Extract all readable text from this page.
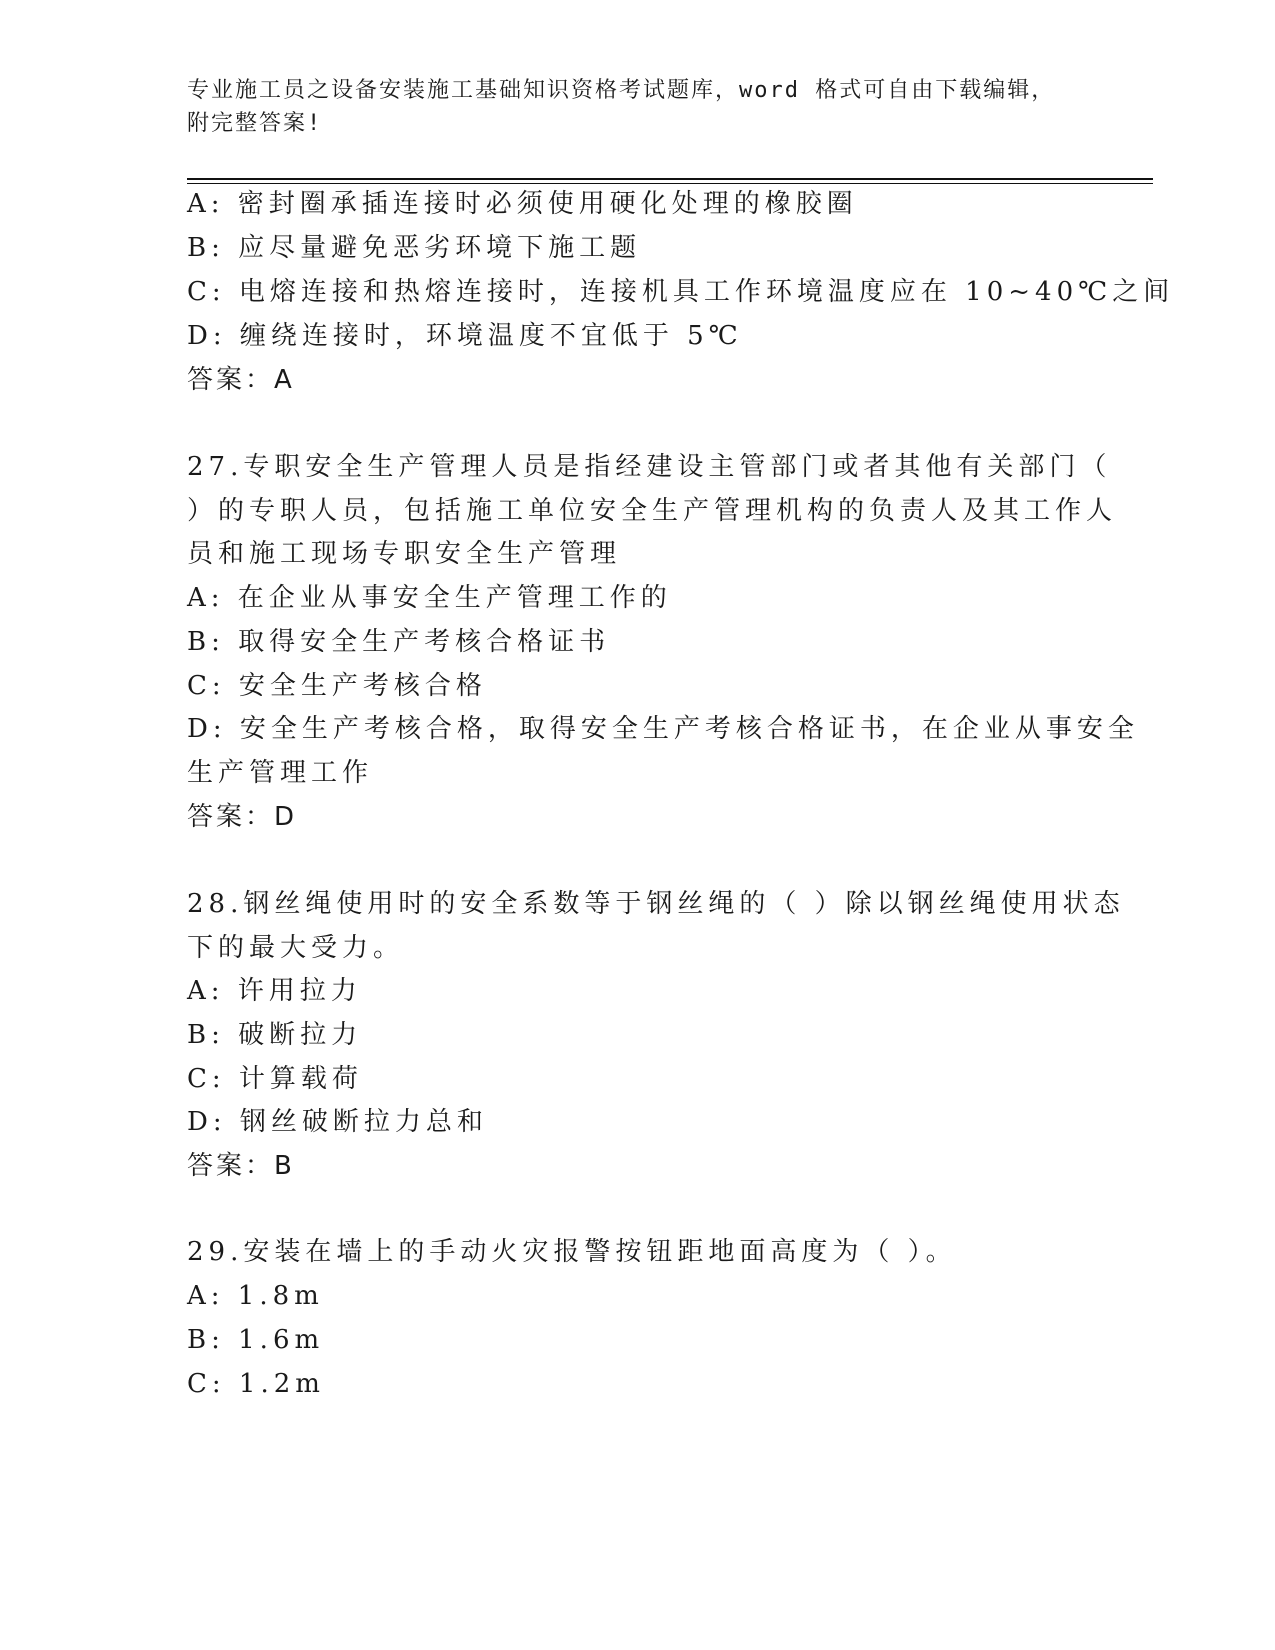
专业施工员之设备安装施工基础知识资格考试题库，word 格式可自由下载编辑，
附完整答案!
A: 密封圈承插连接时必须使用硬化处理的橡胶圈
B: 应尽量避免恶劣环境下施工题
C: 电熔连接和热熔连接时，连接机具工作环境温度应在 10~40℃之间
D: 缠绕连接时，环境温度不宜低于 5℃
答案：A
27.专职安全生产管理人员是指经建设主管部门或者其他有关部门（
）的专职人员，包括施工单位安全生产管理机构的负责人及其工作人
员和施工现场专职安全生产管理
A: 在企业从事安全生产管理工作的
B: 取得安全生产考核合格证书
C: 安全生产考核合格
D: 安全生产考核合格，取得安全生产考核合格证书，在企业从事安全
生产管理工作
答案：D
28.钢丝绳使用时的安全系数等于钢丝绳的（ ）除以钢丝绳使用状态
下的最大受力。
A: 许用拉力
B: 破断拉力
C: 计算载荷
D: 钢丝破断拉力总和
答案：B
29.安装在墙上的手动火灾报警按钮距地面高度为（ ）。
A: 1.8m
B: 1.6m
C: 1.2m
